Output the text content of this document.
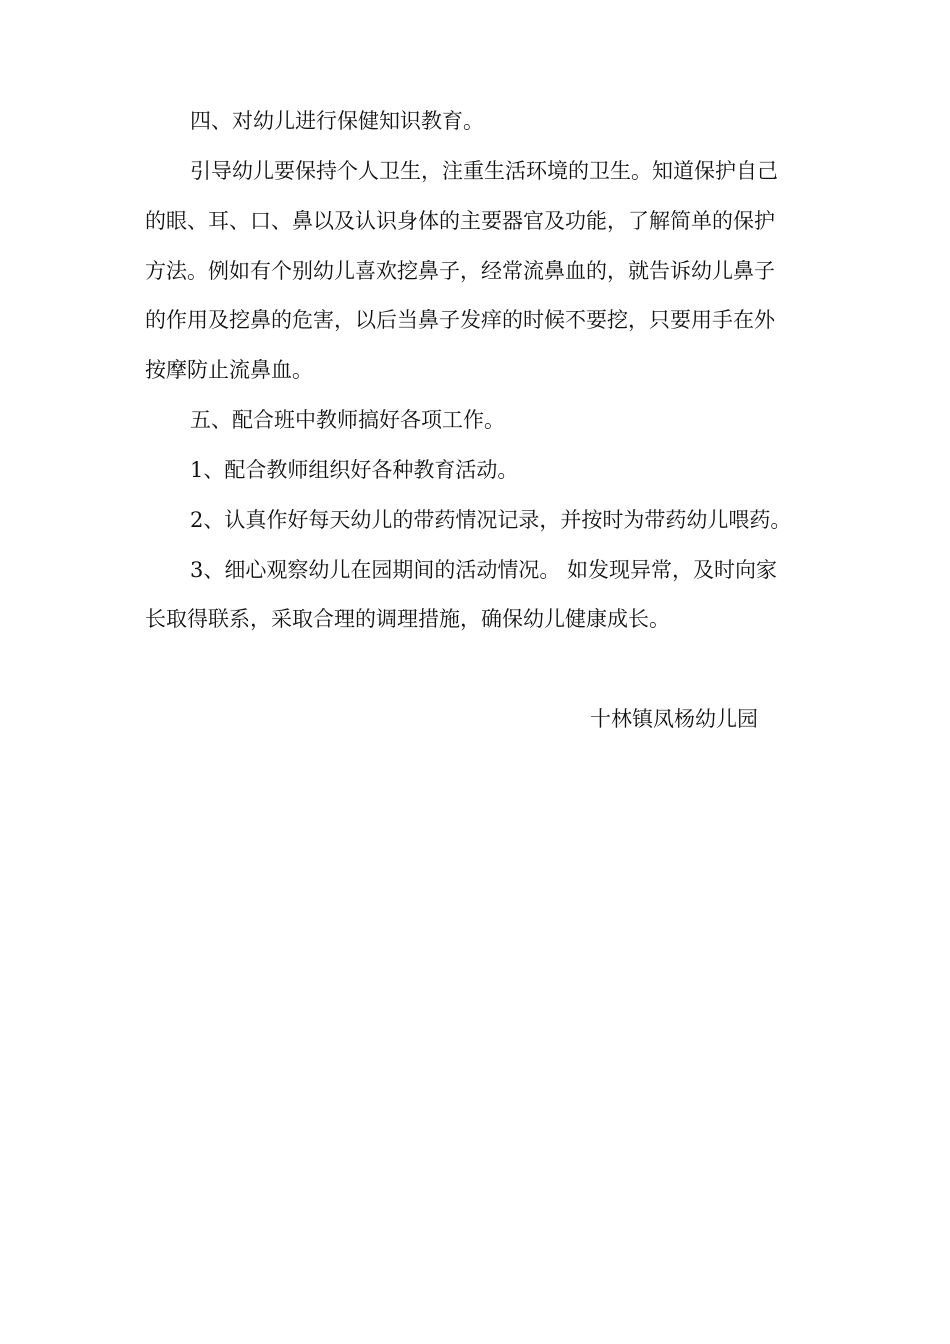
四、对幼儿进行保健知识教育。

引导幼儿要保持个人卫生，注重生活环境的卫生。知道保护自己

的眼、耳、口、鼻以及认识身体的主要器官及功能，了解简单的保护

方法。例如有个别幼儿喜欢挖鼻子，经常流鼻血的，就告诉幼儿鼻子

的作用及挖鼻的危害，以后当鼻子发痒的时候不要挖，只要用手在外

按摩防止流鼻血。

五、配合班中教师搞好各项工作。

1、配合教师组织好各种教育活动。

2、认真作好每天幼儿的带药情况记录，并按时为带药幼儿喂药。

3、细心观察幼儿在园期间的活动情况。 如发现异常，及时向家

长取得联系，采取合理的调理措施，确保幼儿健康成长。

十林镇凤杨幼儿园
